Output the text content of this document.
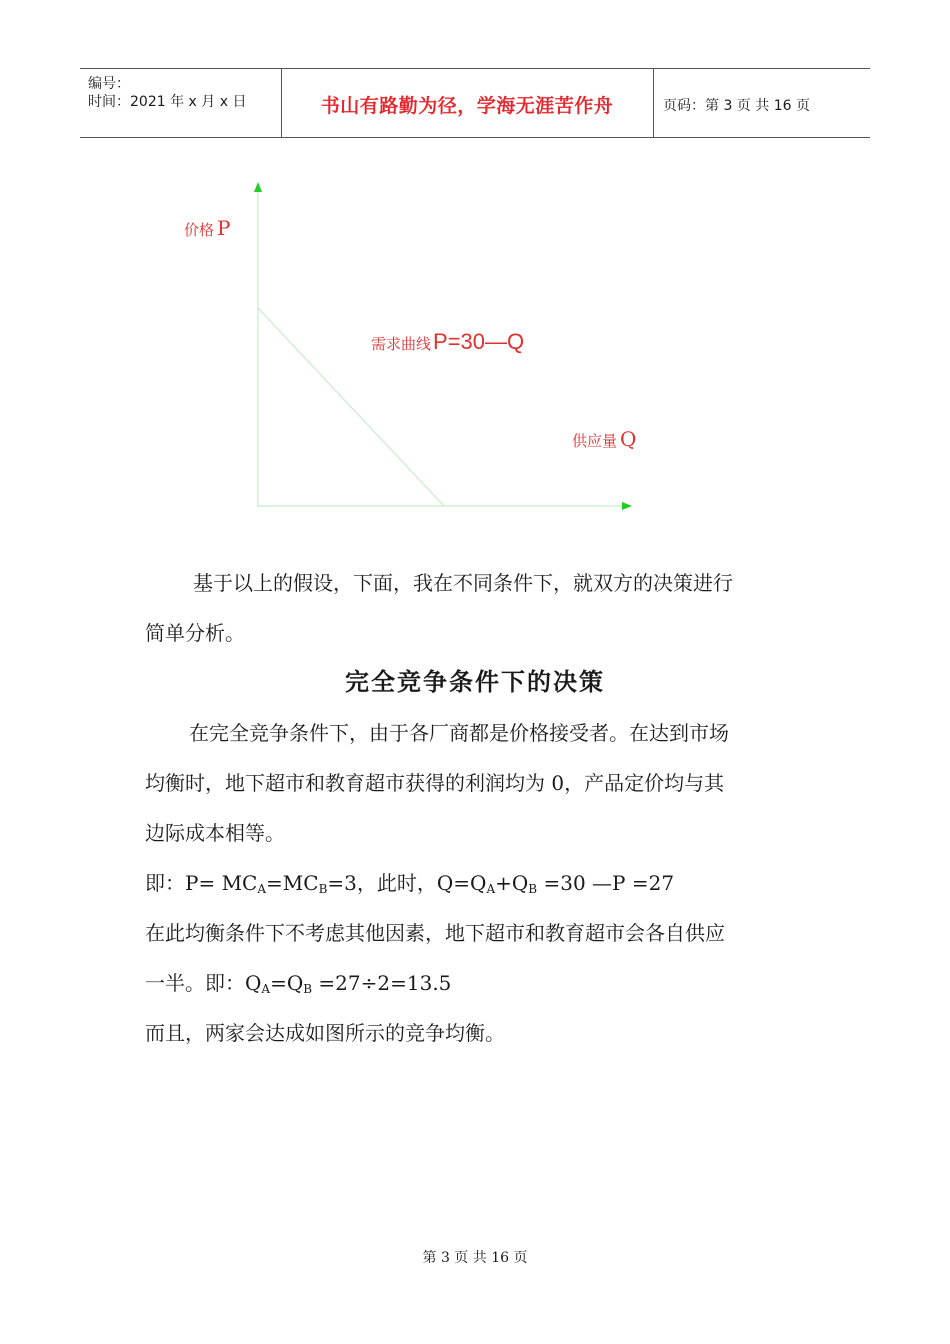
编号：
时间：2021 年 x 月 x 日	书山有路勤为径，学海无涯苦作舟	页码：第 3 页 共 16 页
价格 P
需求曲线P=30—Q
供应量 Q
基于以上的假设，下面，我在不同条件下，就双方的决策进行
简单分析。
完全竞争条件下的决策
在完全竞争条件下，由于各厂商都是价格接受者。在达到市场
均衡时，地下超市和教育超市获得的利润均为 0，产品定价均与其
边际成本相等。
即：$P= MC_A=MC_B=3$，此时，$Q=Q_A+Q_B =30$ —P =27
在此均衡条件下不考虑其他因素，地下超市和教育超市会各自供应
一半。即：$Q_A=Q_B =27\div 2=13.5$
而且，两家会达成如图所示的竞争均衡。
第 3 页 共 16 页
